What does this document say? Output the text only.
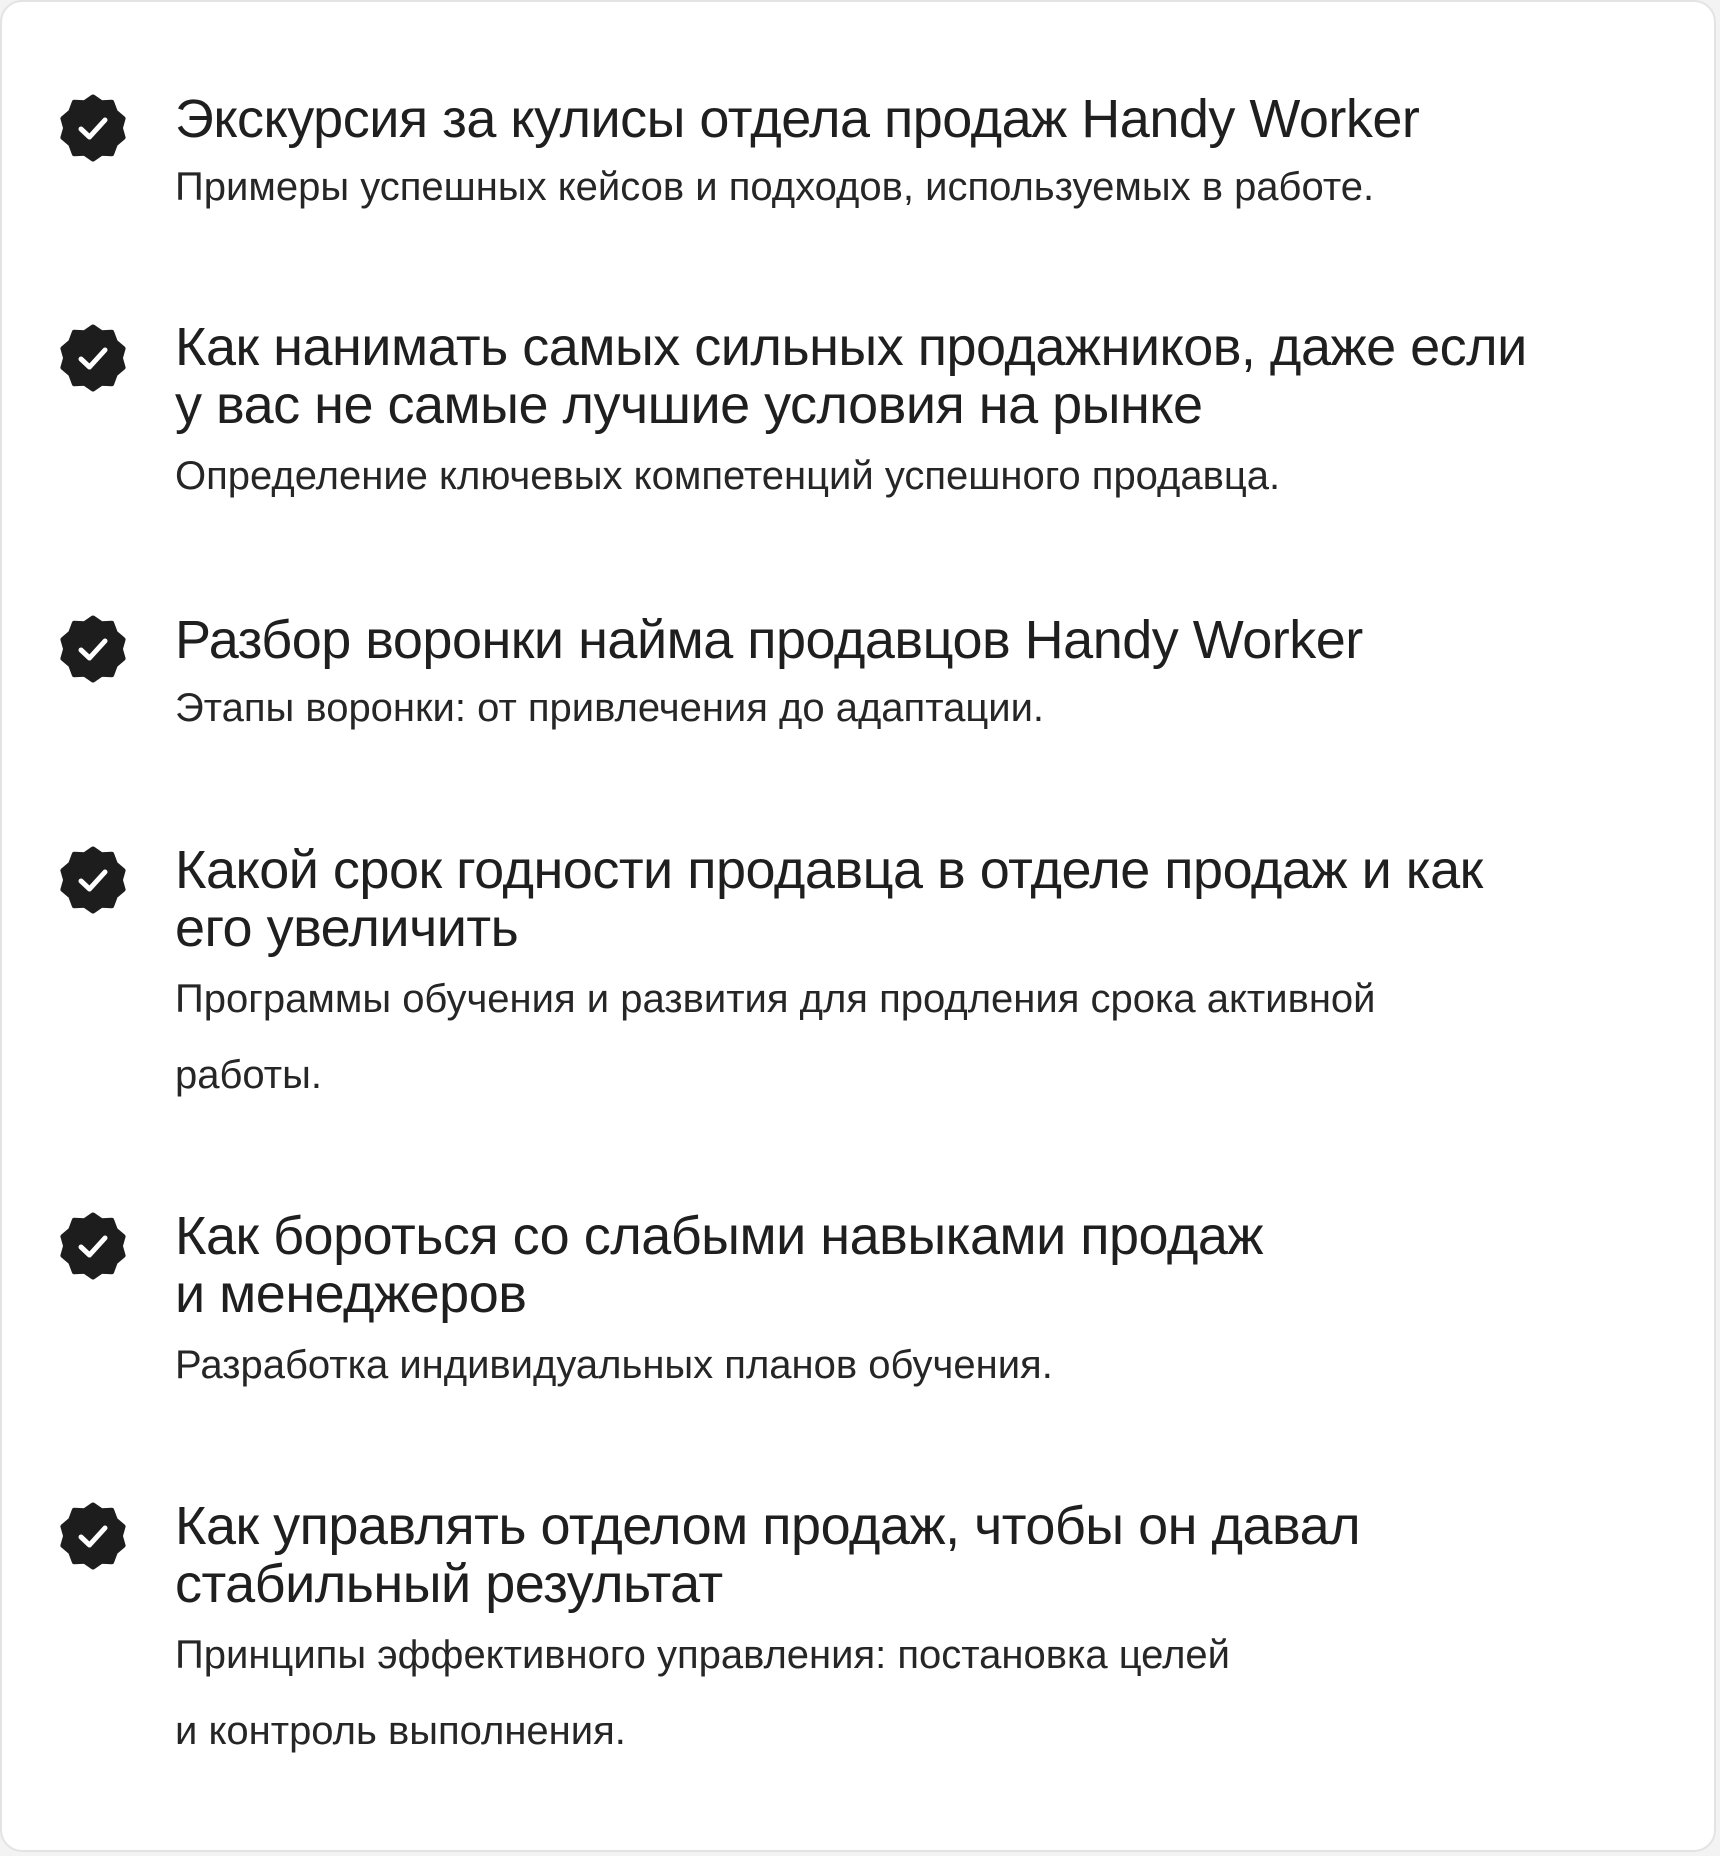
Экскурсия за кулисы отдела продаж Handy Worker

Примеры успешных кейсов и подходов, используемых в работе.

Как нанимать самых сильных продажников, даже если
у вас не самые лучшие условия на рынке

Определение ключевых компетенций успешного продавца.

Разбор воронки найма продавцов Handy Worker

Этапы воронки: от привлечения до адаптации.

Какой срок годности продавца в отделе продаж и как
его увеличить

Программы обучения и развития для продления срока активной
работы.

Как бороться со слабыми навыками продаж
и менеджеров

Разработка индивидуальных планов обучения.

Как управлять отделом продаж, чтобы он давал
стабильный результат

Принципы эффективного управления: постановка целей
и контроль выполнения.
